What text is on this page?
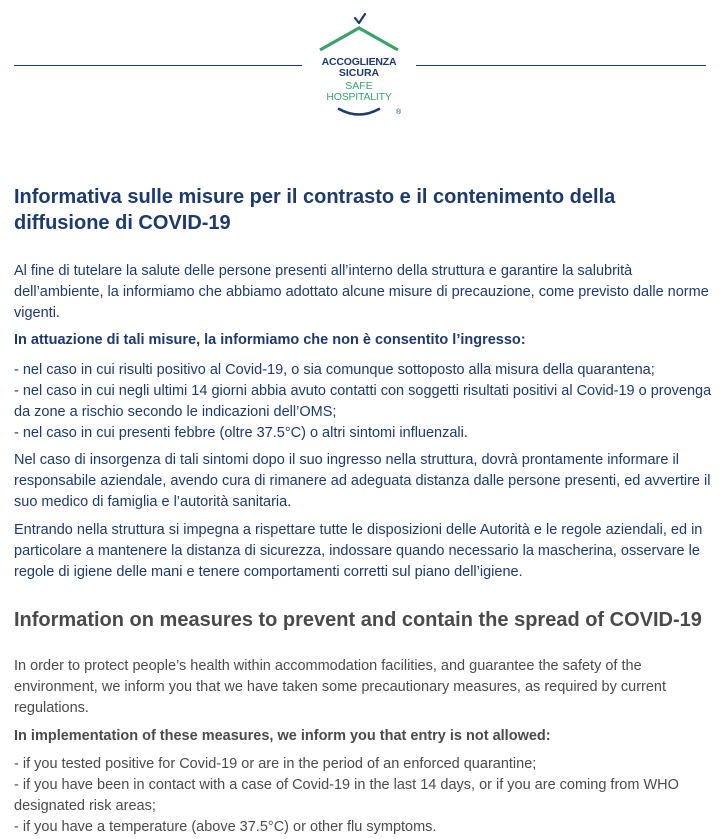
ACCOGLIENZA
SICURA
SAFE
HOSPITALITY
®
Informativa sulle misure per il contrasto e il contenimento della diffusione di COVID-19

Al fine di tutelare la salute delle persone presenti all’interno della struttura e garantire la salubrità dell’ambiente, la informiamo che abbiamo adottato alcune misure di precauzione, come previsto dalle norme vigenti.

In attuazione di tali misure, la informiamo che non è consentito l’ingresso:

- nel caso in cui risulti positivo al Covid-19, o sia comunque sottoposto alla misura della quarantena;
- nel caso in cui negli ultimi 14 giorni abbia avuto contatti con soggetti risultati positivi al Covid-19 o provenga da zone a rischio secondo le indicazioni dell’OMS;
- nel caso in cui presenti febbre (oltre 37.5°C) o altri sintomi influenzali.

Nel caso di insorgenza di tali sintomi dopo il suo ingresso nella struttura, dovrà prontamente informare il responsabile aziendale, avendo cura di rimanere ad adeguata distanza dalle persone presenti, ed avvertire il suo medico di famiglia e l’autorità sanitaria.

Entrando nella struttura si impegna a rispettare tutte le disposizioni delle Autorità e le regole aziendali, ed in particolare a mantenere la distanza di sicurezza, indossare quando necessario la mascherina, osservare le regole di igiene delle mani e tenere comportamenti corretti sul piano dell’igiene.

Information on measures to prevent and contain the spread of COVID-19

In order to protect people’s health within accommodation facilities, and guarantee the safety of the environment, we inform you that we have taken some precautionary measures, as required by current regulations.

In implementation of these measures, we inform you that entry is not allowed:

- if you tested positive for Covid-19 or are in the period of an enforced quarantine;
- if you have been in contact with a case of Covid-19 in the last 14 days, or if you are coming from WHO designated risk areas;
- if you have a temperature (above 37.5°C) or other flu symptoms.
